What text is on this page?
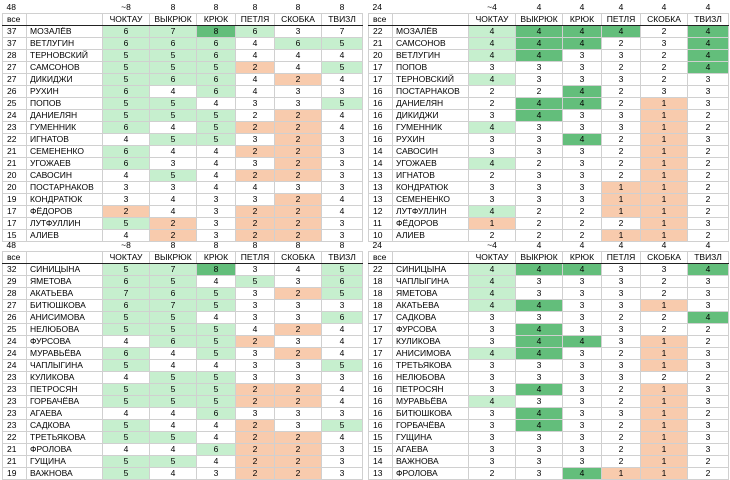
48		~8	8	8	8	8	8
все		ЧОКТАУ	ВЫКРЮК	КРЮК	ПЕТЛЯ	СКОБКА	ТВИЗЛ
37	МОЗАЛЁВ	6	7	8	6	3	7
37	ВЕТЛУГИН	6	6	6	4	6	5
28	ТЕРНОВСКИЙ	5	5	6	4	4	4
27	САМСОНОВ	5	5	5	2	4	5
27	ДИКИДЖИ	5	6	6	4	2	4
26	РУХИН	6	4	6	4	3	3
25	ПОПОВ	5	5	4	3	3	5
24	ДАНИЕЛЯН	5	5	5	2	2	4
23	ГУМЕННИК	6	4	5	2	2	4
22	ИГНАТОВ	4	5	5	3	2	3
21	СЕМЕНЕНКО	6	4	4	2	2	3
21	УГОЖАЕВ	6	3	4	3	2	3
20	САВОСИН	4	5	4	2	2	3
20	ПОСТАРНАКОВ	3	3	4	4	3	3
19	КОНДРАТЮК	3	4	3	3	2	4
17	ФЁДОРОВ	2	4	3	2	2	4
17	ЛУТФУЛЛИН	5	2	3	2	2	3
15	АЛИЕВ	4	2	3	2	2	3
24		~4	4	4	4	4	4
все		ЧОКТАУ	ВЫКРЮК	КРЮК	ПЕТЛЯ	СКОБКА	ТВИЗЛ
22	МОЗАЛЁВ	4	4	4	4	2	4
21	САМСОНОВ	4	4	4	2	3	4
20	ВЕТЛУГИН	4	4	3	3	2	4
17	ПОПОВ	3	3	3	2	2	4
17	ТЕРНОВСКИЙ	4	3	3	3	2	3
16	ПОСТАРНАКОВ	2	2	4	2	3	3
16	ДАНИЕЛЯН	2	4	4	2	1	3
16	ДИКИДЖИ	3	4	3	3	1	2
16	ГУМЕННИК	4	3	3	3	1	2
16	РУХИН	3	3	4	2	1	3
14	САВОСИН	3	3	3	2	1	2
14	УГОЖАЕВ	4	2	3	2	1	2
13	ИГНАТОВ	2	3	3	2	1	2
13	КОНДРАТЮК	3	3	3	1	1	2
13	СЕМЕНЕНКО	3	3	3	1	1	2
12	ЛУТФУЛЛИН	4	2	2	1	1	2
11	ФЁДОРОВ	1	2	2	2	1	3
10	АЛИЕВ	2	2	2	1	1	2
48		~8	8	8	8	8	8
все		ЧОКТАУ	ВЫКРЮК	КРЮК	ПЕТЛЯ	СКОБКА	ТВИЗЛ
32	СИНИЦЫНА	5	7	8	3	4	5
29	ЯМЕТОВА	6	5	4	5	3	6
28	АКАТЬЕВА	7	6	5	3	2	5
27	БИТЮШКОВА	6	7	5	3	3	3
26	АНИСИМОВА	5	5	4	3	3	6
25	НЕЛЮБОВА	5	5	5	4	2	4
24	ФУРСОВА	4	6	5	2	3	4
24	МУРАВЬЁВА	6	4	5	3	2	4
24	ЧАПЛЫГИНА	5	4	4	3	3	5
23	КУЛИКОВА	4	5	5	3	3	3
23	ПЕТРОСЯН	5	5	5	2	2	4
23	ГОРБАЧЁВА	5	5	5	2	2	4
23	АГАЕВА	4	4	6	3	3	3
23	САДКОВА	5	4	4	2	3	5
22	ТРЕТЬЯКОВА	5	5	4	2	2	4
21	ФРОЛОВА	4	4	6	2	2	3
21	ГУЩИНА	5	5	4	2	2	3
19	ВАЖНОВА	5	4	3	2	2	3
24		~4	4	4	4	4	4
все		ЧОКТАУ	ВЫКРЮК	КРЮК	ПЕТЛЯ	СКОБКА	ТВИЗЛ
22	СИНИЦЫНА	4	4	4	3	3	4
18	ЧАПЛЫГИНА	4	3	3	3	2	3
18	ЯМЕТОВА	4	3	3	3	2	3
18	АКАТЬЕВА	4	4	3	3	1	3
17	САДКОВА	3	3	3	2	2	4
17	ФУРСОВА	3	4	3	3	2	2
17	КУЛИКОВА	3	4	4	3	1	2
17	АНИСИМОВА	4	4	3	2	1	3
16	ТРЕТЬЯКОВА	3	3	3	3	1	3
16	НЕЛЮБОВА	3	3	3	3	2	2
16	ПЕТРОСЯН	3	4	3	2	1	3
16	МУРАВЬЁВА	4	3	3	2	1	3
16	БИТЮШКОВА	3	4	3	3	1	2
16	ГОРБАЧЁВА	3	4	3	2	1	3
15	ГУЩИНА	3	3	3	2	1	3
15	АГАЕВА	3	3	3	2	1	3
14	ВАЖНОВА	3	3	3	2	1	2
13	ФРОЛОВА	2	3	4	1	1	2
